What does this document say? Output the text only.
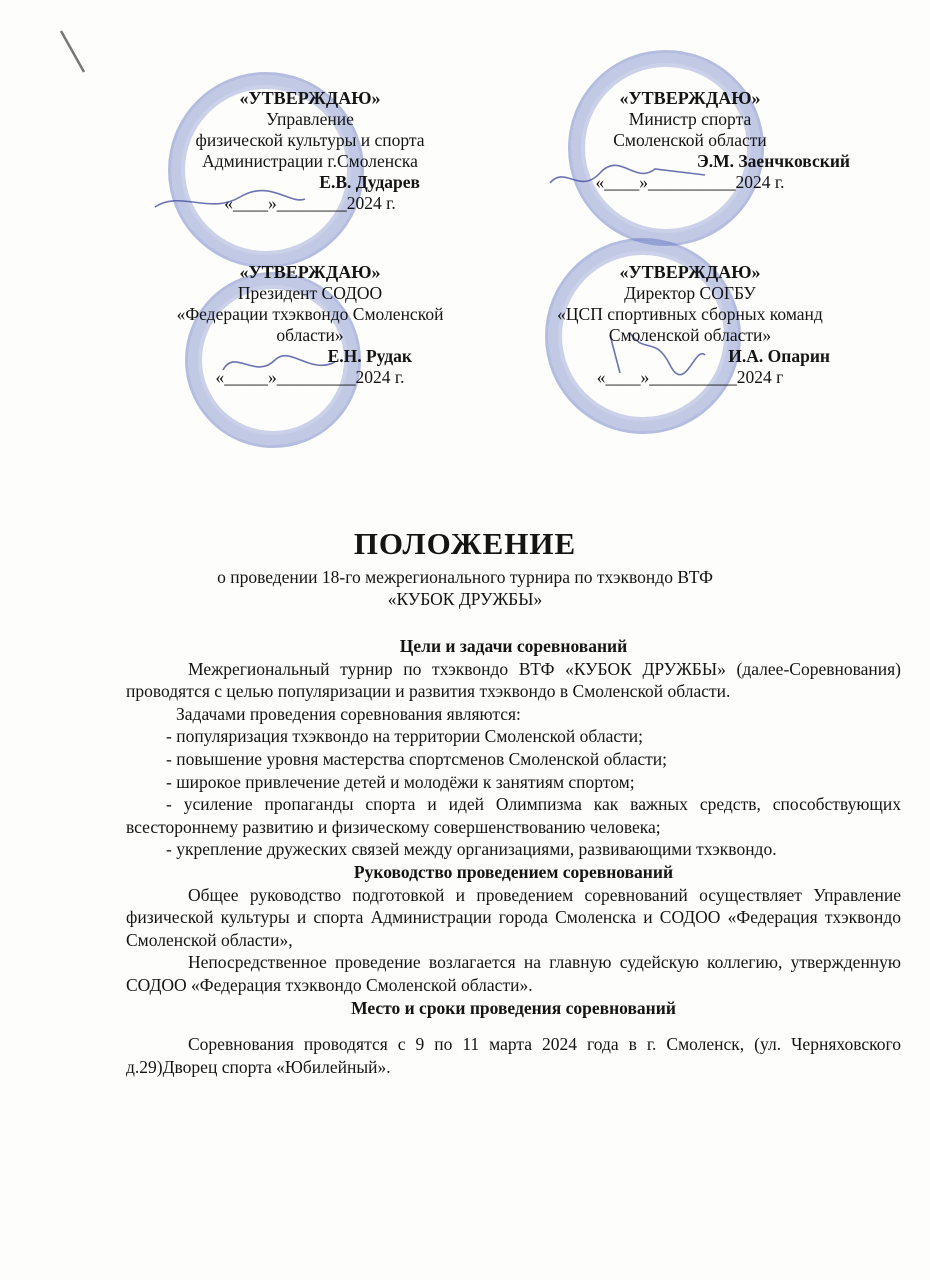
«УТВЕРЖДАЮ»
Управление
физической культуры и спорта
Администрации г.Смоленска
Е.В. Дударев
«____»________2024 г.
«УТВЕРЖДАЮ»
Министр спорта
Смоленской области
Э.М. Заенчковский
«____»__________2024 г.
«УТВЕРЖДАЮ»
Президент СОДОО
«Федерации тхэквондо Смоленской
области»
Е.Н. Рудак
«_____»_________2024 г.
«УТВЕРЖДАЮ»
Директор СОГБУ
«ЦСП спортивных сборных команд
Смоленской области»
И.А. Опарин
«____»__________2024 г
ПОЛОЖЕНИЕ
о проведении 18-го межрегионального турнира по тхэквондо ВТФ
«КУБОК ДРУЖБЫ»

Цели и задачи соревнований

Межрегиональный турнир по тхэквондо ВТФ «КУБОК ДРУЖБЫ» (далее-Соревнования) проводятся с целью популяризации и развития тхэквондо в Смоленской области.

Задачами проведения соревнования являются:

- популяризация тхэквондо на территории Смоленской области;

- повышение уровня мастерства спортсменов Смоленской области;

- широкое привлечение детей и молодёжи к занятиям спортом;

- усиление пропаганды спорта и идей Олимпизма как важных средств, способствующих всестороннему развитию и физическому совершенствованию человека;

- укрепление дружеских связей между организациями, развивающими тхэквондо.

Руководство проведением соревнований

Общее руководство подготовкой и проведением соревнований осуществляет Управление физической культуры и спорта Администрации города Смоленска и СОДОО «Федерация тхэквондо Смоленской области»,

Непосредственное проведение возлагается на главную судейскую коллегию, утвержденную СОДОО «Федерация тхэквондо Смоленской области».

Место и сроки проведения соревнований

Соревнования проводятся с 9 по 11 марта 2024 года в г. Смоленск, (ул. Черняховского д.29)Дворец спорта «Юбилейный».
